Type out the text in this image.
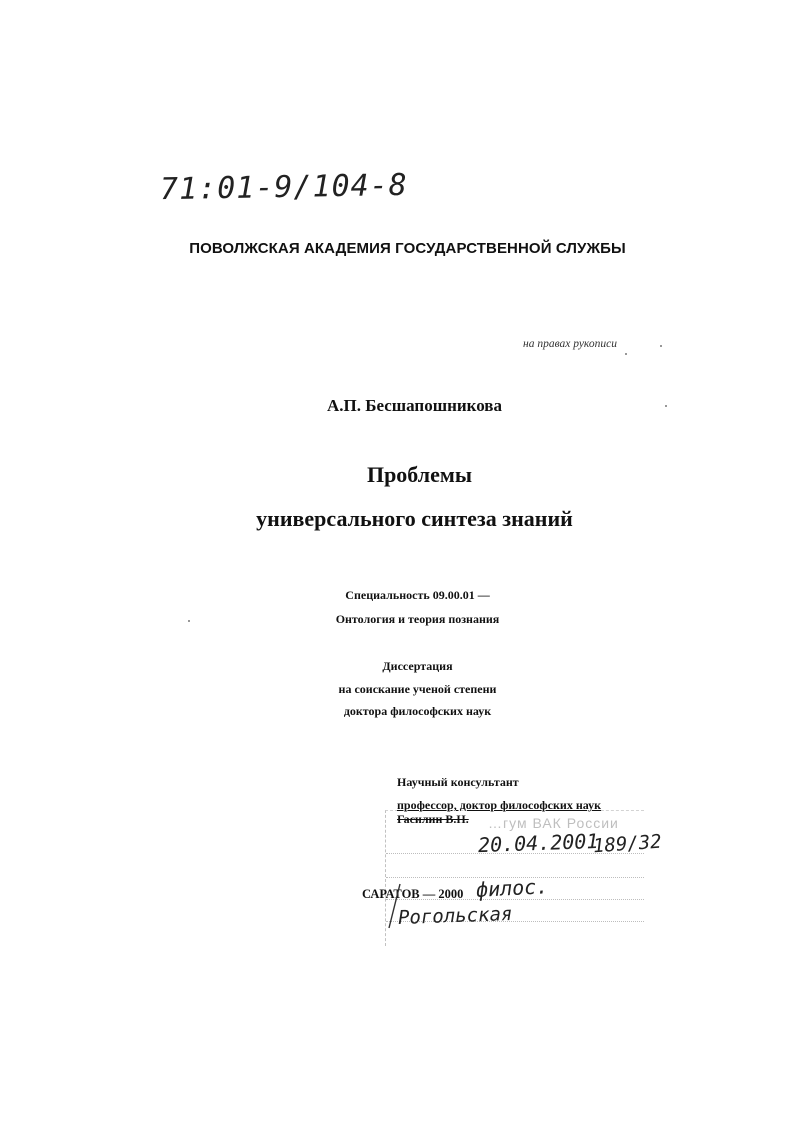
71:01-9/104-8
ПОВОЛЖСКАЯ АКАДЕМИЯ ГОСУДАРСТВЕННОЙ СЛУЖБЫ
на правах рукописи
А.П. Бесшапошникова
Проблемы
универсального синтеза знаний
Специальность 09.00.01 —
Онтология и теория познания
Диссертация
на соискание ученой степени
доктора философских наук
…гум ВАК России
Научный консультант
профессор, доктор философских наук
Гасилин В.Н.
20.04.2001
189/32
САРАТОВ — 2000 филос.
Рогольская
